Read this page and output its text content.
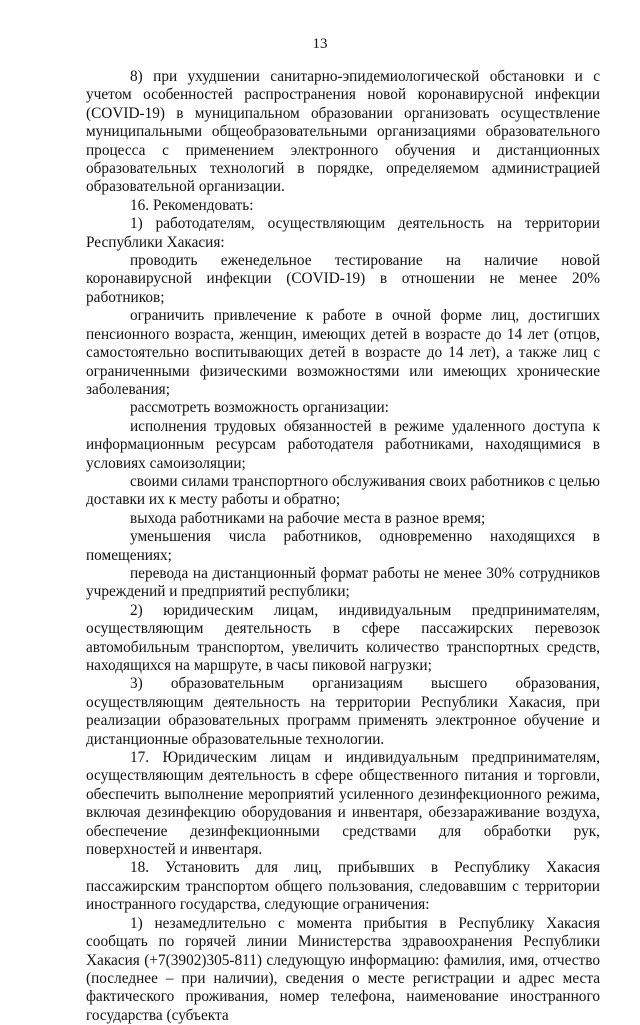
13

8) при ухудшении санитарно-эпидемиологической обстановки и с учетом особенностей распространения новой коронавирусной инфекции (COVID-19) в муниципальном образовании организовать осуществление муниципальными общеобразовательными организациями образовательного процесса с применением электронного обучения и дистанционных образовательных технологий в порядке, определяемом администрацией образовательной организации.

16. Рекомендовать:

1) работодателям, осуществляющим деятельность на территории Республики Хакасия:

проводить еженедельное тестирование на наличие новой коронавирусной инфекции (COVID-19) в отношении не менее 20% работников;

ограничить привлечение к работе в очной форме лиц, достигших пенсионного возраста, женщин, имеющих детей в возрасте до 14 лет (отцов, самостоятельно воспитывающих детей в возрасте до 14 лет), а также лиц с ограниченными физическими возможностями или имеющих хронические заболевания;

рассмотреть возможность организации:

исполнения трудовых обязанностей в режиме удаленного доступа к информационным ресурсам работодателя работниками, находящимися в условиях самоизоляции;

своими силами транспортного обслуживания своих работников с целью доставки их к месту работы и обратно;

выхода работниками на рабочие места в разное время;

уменьшения числа работников, одновременно находящихся в помещениях;

перевода на дистанционный формат работы не менее 30% сотрудников учреждений и предприятий республики;

2) юридическим лицам, индивидуальным предпринимателям, осуществляющим деятельность в сфере пассажирских перевозок автомобильным транспортом, увеличить количество транспортных средств, находящихся на маршруте, в часы пиковой нагрузки;

3) образовательным организациям высшего образования, осуществляющим деятельность на территории Республики Хакасия, при реализации образовательных программ применять электронное обучение и дистанционные образовательные технологии.

17. Юридическим лицам и индивидуальным предпринимателям, осуществляющим деятельность в сфере общественного питания и торговли, обеспечить выполнение мероприятий усиленного дезинфекционного режима, включая дезинфекцию оборудования и инвентаря, обеззараживание воздуха, обеспечение дезинфекционными средствами для обработки рук, поверхностей и инвентаря.

18. Установить для лиц, прибывших в Республику Хакасия пассажирским транспортом общего пользования, следовавшим с территории иностранного государства, следующие ограничения:

1) незамедлительно с момента прибытия в Республику Хакасия сообщать по горячей линии Министерства здравоохранения Республики Хакасия (+7(3902)305-811) следующую информацию: фамилия, имя, отчество (последнее – при наличии), сведения о месте регистрации и адрес места фактического проживания, номер телефона, наименование иностранного государства (субъекта
